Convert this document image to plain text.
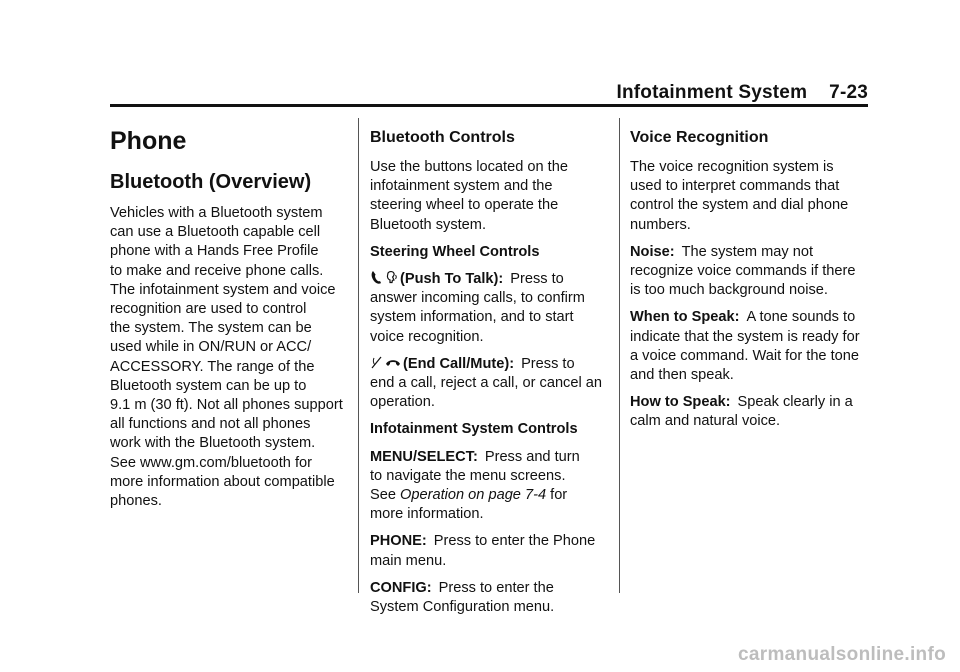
Infotainment System 7-23
Phone
Bluetooth (Overview)

Vehicles with a Bluetooth system
can use a Bluetooth capable cell
phone with a Hands Free Profile
to make and receive phone calls.
The infotainment system and voice
recognition are used to control
the system. The system can be
used while in ON/RUN or ACC/
ACCESSORY. The range of the
Bluetooth system can be up to
9.1 m (30 ft). Not all phones support
all functions and not all phones
work with the Bluetooth system.
See www.gm.com/bluetooth for
more information about compatible
phones.

Bluetooth Controls

Use the buttons located on the
infotainment system and the
steering wheel to operate the
Bluetooth system.

Steering Wheel Controls

(Push To Talk): Press to
answer incoming calls, to confirm
system information, and to start
voice recognition.

(End Call/Mute): Press to
end a call, reject a call, or cancel an
operation.

Infotainment System Controls

MENU/SELECT: Press and turn
to navigate the menu screens.
See Operation on page 7-4 for
more information.

PHONE: Press to enter the Phone
main menu.

CONFIG: Press to enter the
System Configuration menu.

Voice Recognition

The voice recognition system is
used to interpret commands that
control the system and dial phone
numbers.

Noise: The system may not
recognize voice commands if there
is too much background noise.

When to Speak: A tone sounds to
indicate that the system is ready for
a voice command. Wait for the tone
and then speak.

How to Speak: Speak clearly in a
calm and natural voice.

carmanualsonline.info
